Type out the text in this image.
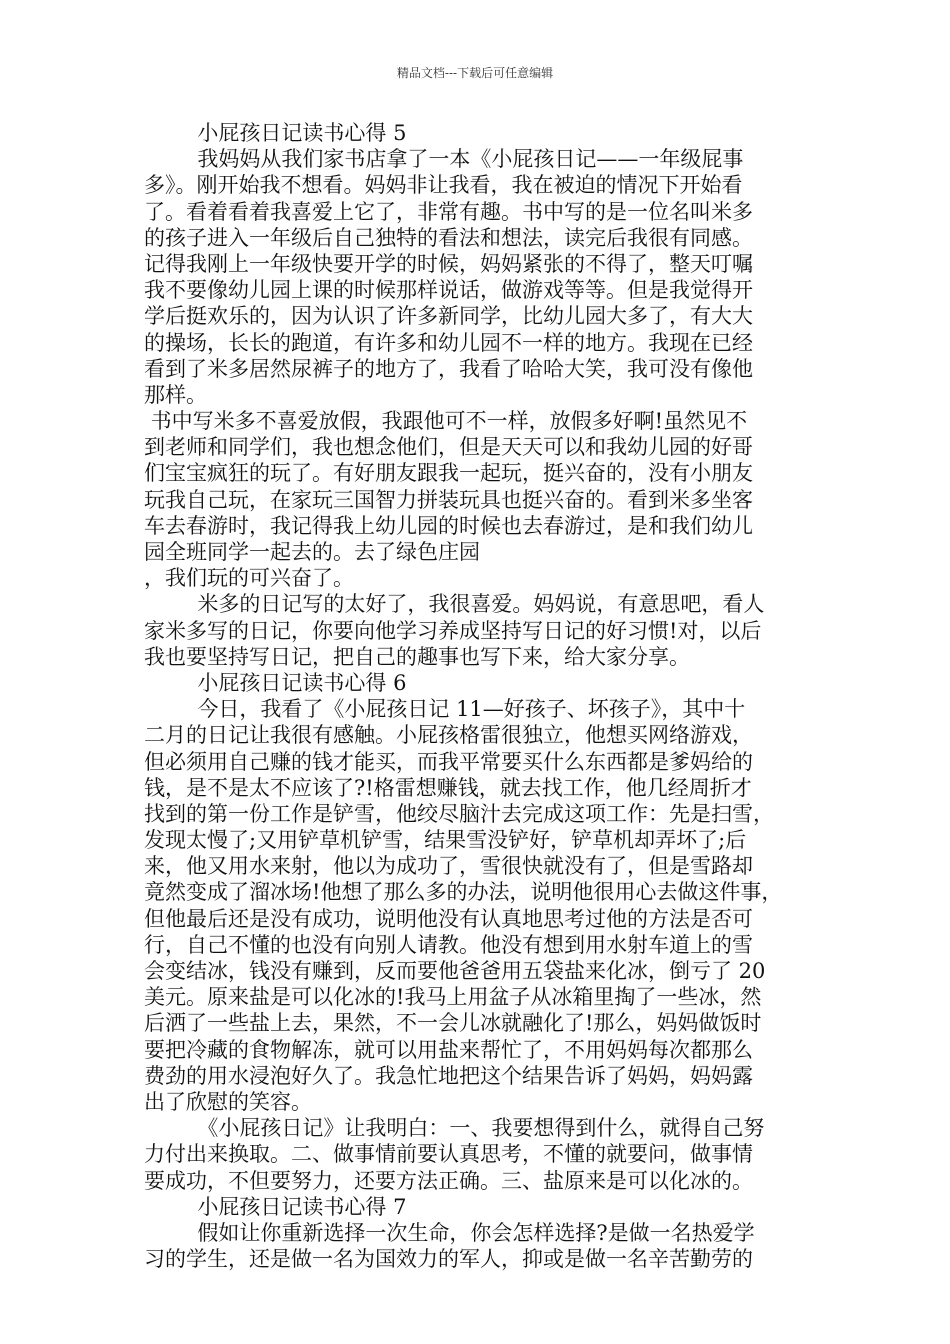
精品文档---下载后可任意编辑
小屁孩日记读书心得 5
我妈妈从我们家书店拿了一本《小屁孩日记——一年级屁事
多》。刚开始我不想看。妈妈非让我看，我在被迫的情况下开始看
了。看着看着我喜爱上它了，非常有趣。书中写的是一位名叫米多
的孩子进入一年级后自己独特的看法和想法，读完后我很有同感。
记得我刚上一年级快要开学的时候，妈妈紧张的不得了，整天叮嘱
我不要像幼儿园上课的时候那样说话，做游戏等等。但是我觉得开
学后挺欢乐的，因为认识了许多新同学，比幼儿园大多了，有大大
的操场，长长的跑道，有许多和幼儿园不一样的地方。我现在已经
看到了米多居然尿裤子的地方了，我看了哈哈大笑，我可没有像他
那样。
书中写米多不喜爱放假，我跟他可不一样，放假多好啊!虽然见不
到老师和同学们，我也想念他们，但是天天可以和我幼儿园的好哥
们宝宝疯狂的玩了。有好朋友跟我一起玩，挺兴奋的，没有小朋友
玩我自己玩，在家玩三国智力拼装玩具也挺兴奋的。看到米多坐客
车去春游时，我记得我上幼儿园的时候也去春游过，是和我们幼儿
园全班同学一起去的。去了绿色庄园
，我们玩的可兴奋了。
米多的日记写的太好了，我很喜爱。妈妈说，有意思吧，看人
家米多写的日记，你要向他学习养成坚持写日记的好习惯!对，以后
我也要坚持写日记，把自己的趣事也写下来，给大家分享。
小屁孩日记读书心得 6
今日，我看了《小屁孩日记 11—好孩子、坏孩子》，其中十
二月的日记让我很有感触。小屁孩格雷很独立，他想买网络游戏，
但必须用自己赚的钱才能买，而我平常要买什么东西都是爹妈给的
钱，是不是太不应该了?!格雷想赚钱，就去找工作，他几经周折才
找到的第一份工作是铲雪，他绞尽脑汁去完成这项工作：先是扫雪，
发现太慢了;又用铲草机铲雪，结果雪没铲好，铲草机却弄坏了;后
来，他又用水来射，他以为成功了，雪很快就没有了，但是雪路却
竟然变成了溜冰场!他想了那么多的办法，说明他很用心去做这件事，
但他最后还是没有成功，说明他没有认真地思考过他的方法是否可
行，自己不懂的也没有向别人请教。他没有想到用水射车道上的雪
会变结冰，钱没有赚到，反而要他爸爸用五袋盐来化冰，倒亏了 20
美元。原来盐是可以化冰的!我马上用盆子从冰箱里掏了一些冰，然
后洒了一些盐上去，果然，不一会儿冰就融化了!那么，妈妈做饭时
要把冷藏的食物解冻，就可以用盐来帮忙了，不用妈妈每次都那么
费劲的用水浸泡好久了。我急忙地把这个结果告诉了妈妈，妈妈露
出了欣慰的笑容。
《小屁孩日记》让我明白：一、我要想得到什么，就得自己努
力付出来换取。二、做事情前要认真思考，不懂的就要问，做事情
要成功，不但要努力，还要方法正确。三、盐原来是可以化冰的。
小屁孩日记读书心得 7
假如让你重新选择一次生命，你会怎样选择?是做一名热爱学
习的学生，还是做一名为国效力的军人，抑或是做一名辛苦勤劳的
